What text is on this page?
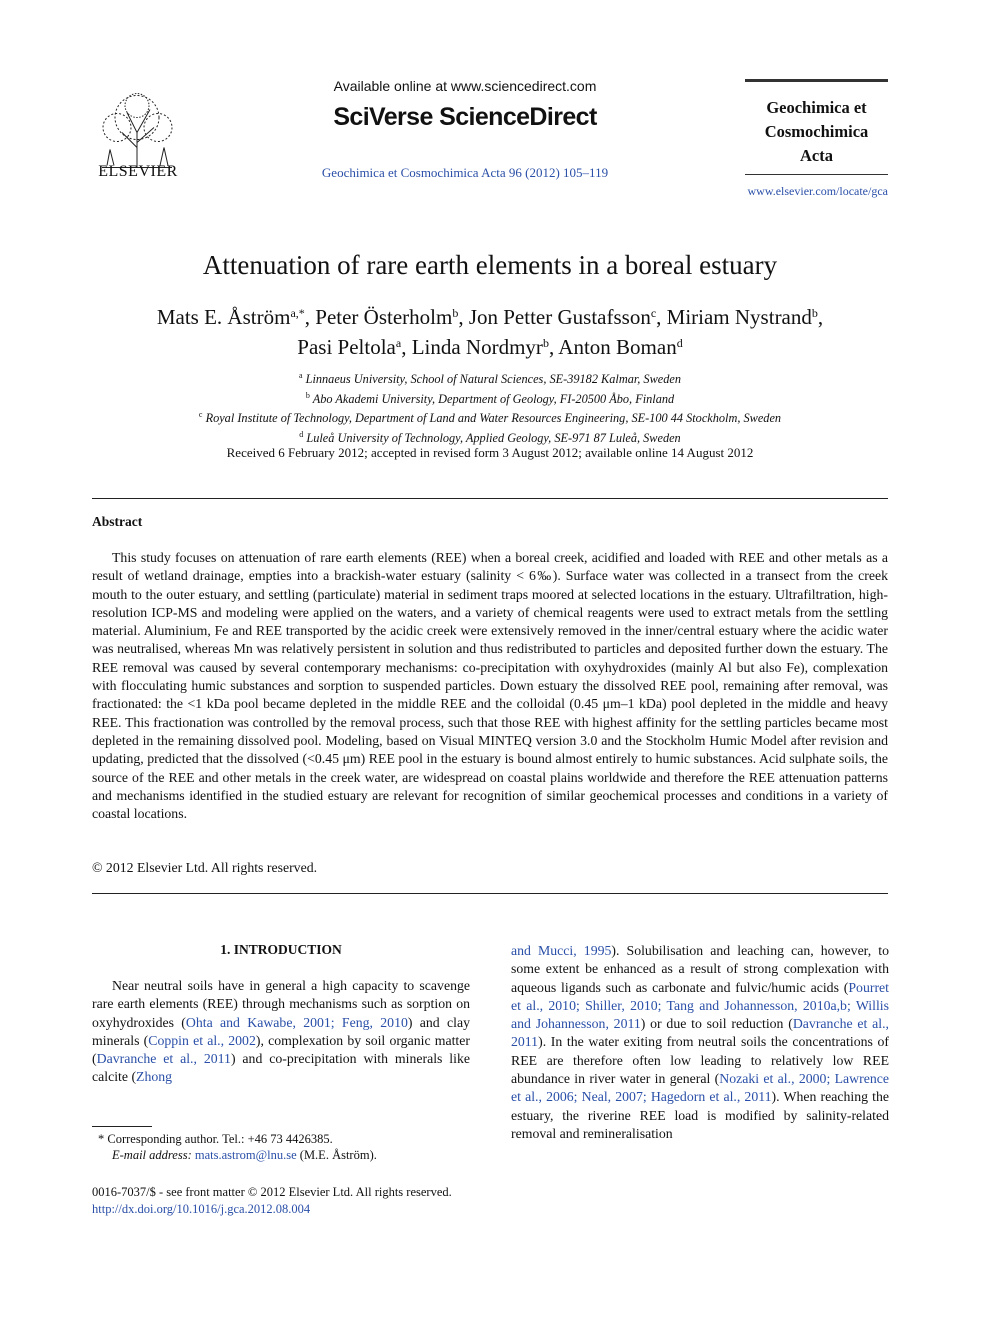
ELSEVIER
Available online at www.sciencedirect.com
SciVerse ScienceDirect
Geochimica et Cosmochimica Acta 96 (2012) 105–119
Geochimica et
Cosmochimica
Acta
www.elsevier.com/locate/gca
Attenuation of rare earth elements in a boreal estuary
Mats E. Åström$^{a,*}$, Peter Österholm$^b$, Jon Petter Gustafsson$^c$, Miriam Nystrand$^b$,
Pasi Peltola$^a$, Linda Nordmyr$^b$, Anton Boman$^d$
$^a$ Linnaeus University, School of Natural Sciences, SE-39182 Kalmar, Sweden
$^b$ Abo Akademi University, Department of Geology, FI-20500 Åbo, Finland
$^c$ Royal Institute of Technology, Department of Land and Water Resources Engineering, SE-100 44 Stockholm, Sweden
$^d$ Luleå University of Technology, Applied Geology, SE-971 87 Luleå, Sweden
Received 6 February 2012; accepted in revised form 3 August 2012; available online 14 August 2012
Abstract
This study focuses on attenuation of rare earth elements (REE) when a boreal creek, acidified and loaded with REE and other metals as a result of wetland drainage, empties into a brackish-water estuary (salinity < 6‰). Surface water was collected in a transect from the creek mouth to the outer estuary, and settling (particulate) material in sediment traps moored at selected locations in the estuary. Ultrafiltration, high-resolution ICP-MS and modeling were applied on the waters, and a variety of chemical reagents were used to extract metals from the settling material. Aluminium, Fe and REE transported by the acidic creek were extensively removed in the inner/central estuary where the acidic water was neutralised, whereas Mn was relatively persistent in solution and thus redistributed to particles and deposited further down the estuary. The REE removal was caused by several contemporary mechanisms: co-precipitation with oxyhydroxides (mainly Al but also Fe), complexation with flocculating humic substances and sorption to suspended particles. Down estuary the dissolved REE pool, remaining after removal, was fractionated: the <1 kDa pool became depleted in the middle REE and the colloidal (0.45 μm–1 kDa) pool depleted in the middle and heavy REE. This fractionation was controlled by the removal process, such that those REE with highest affinity for the settling particles became most depleted in the remaining dissolved pool. Modeling, based on Visual MINTEQ version 3.0 and the Stockholm Humic Model after revision and updating, predicted that the dissolved (<0.45 μm) REE pool in the estuary is bound almost entirely to humic substances. Acid sulphate soils, the source of the REE and other metals in the creek water, are widespread on coastal plains worldwide and therefore the REE attenuation patterns and mechanisms identified in the studied estuary are relevant for recognition of similar geochemical processes and conditions in a variety of coastal locations.
© 2012 Elsevier Ltd. All rights reserved.
1. INTRODUCTION
Near neutral soils have in general a high capacity to scavenge rare earth elements (REE) through mechanisms such as sorption on oxyhydroxides (Ohta and Kawabe, 2001; Feng, 2010) and clay minerals (Coppin et al., 2002), complexation by soil organic matter (Davranche et al., 2011) and co-precipitation with minerals like calcite (Zhong
and Mucci, 1995). Solubilisation and leaching can, however, to some extent be enhanced as a result of strong complexation with aqueous ligands such as carbonate and fulvic/humic acids (Pourret et al., 2010; Shiller, 2010; Tang and Johannesson, 2010a,b; Willis and Johannesson, 2011) or due to soil reduction (Davranche et al., 2011). In the water exiting from neutral soils the concentrations of REE are therefore often low leading to relatively low REE abundance in river water in general (Nozaki et al., 2000; Lawrence et al., 2006; Neal, 2007; Hagedorn et al., 2011). When reaching the estuary, the riverine REE load is modified by salinity-related removal and remineralisation
* Corresponding author. Tel.: +46 73 4426385.
E-mail address: mats.astrom@lnu.se (M.E. Åström).
0016-7037/$ - see front matter © 2012 Elsevier Ltd. All rights reserved.
http://dx.doi.org/10.1016/j.gca.2012.08.004
